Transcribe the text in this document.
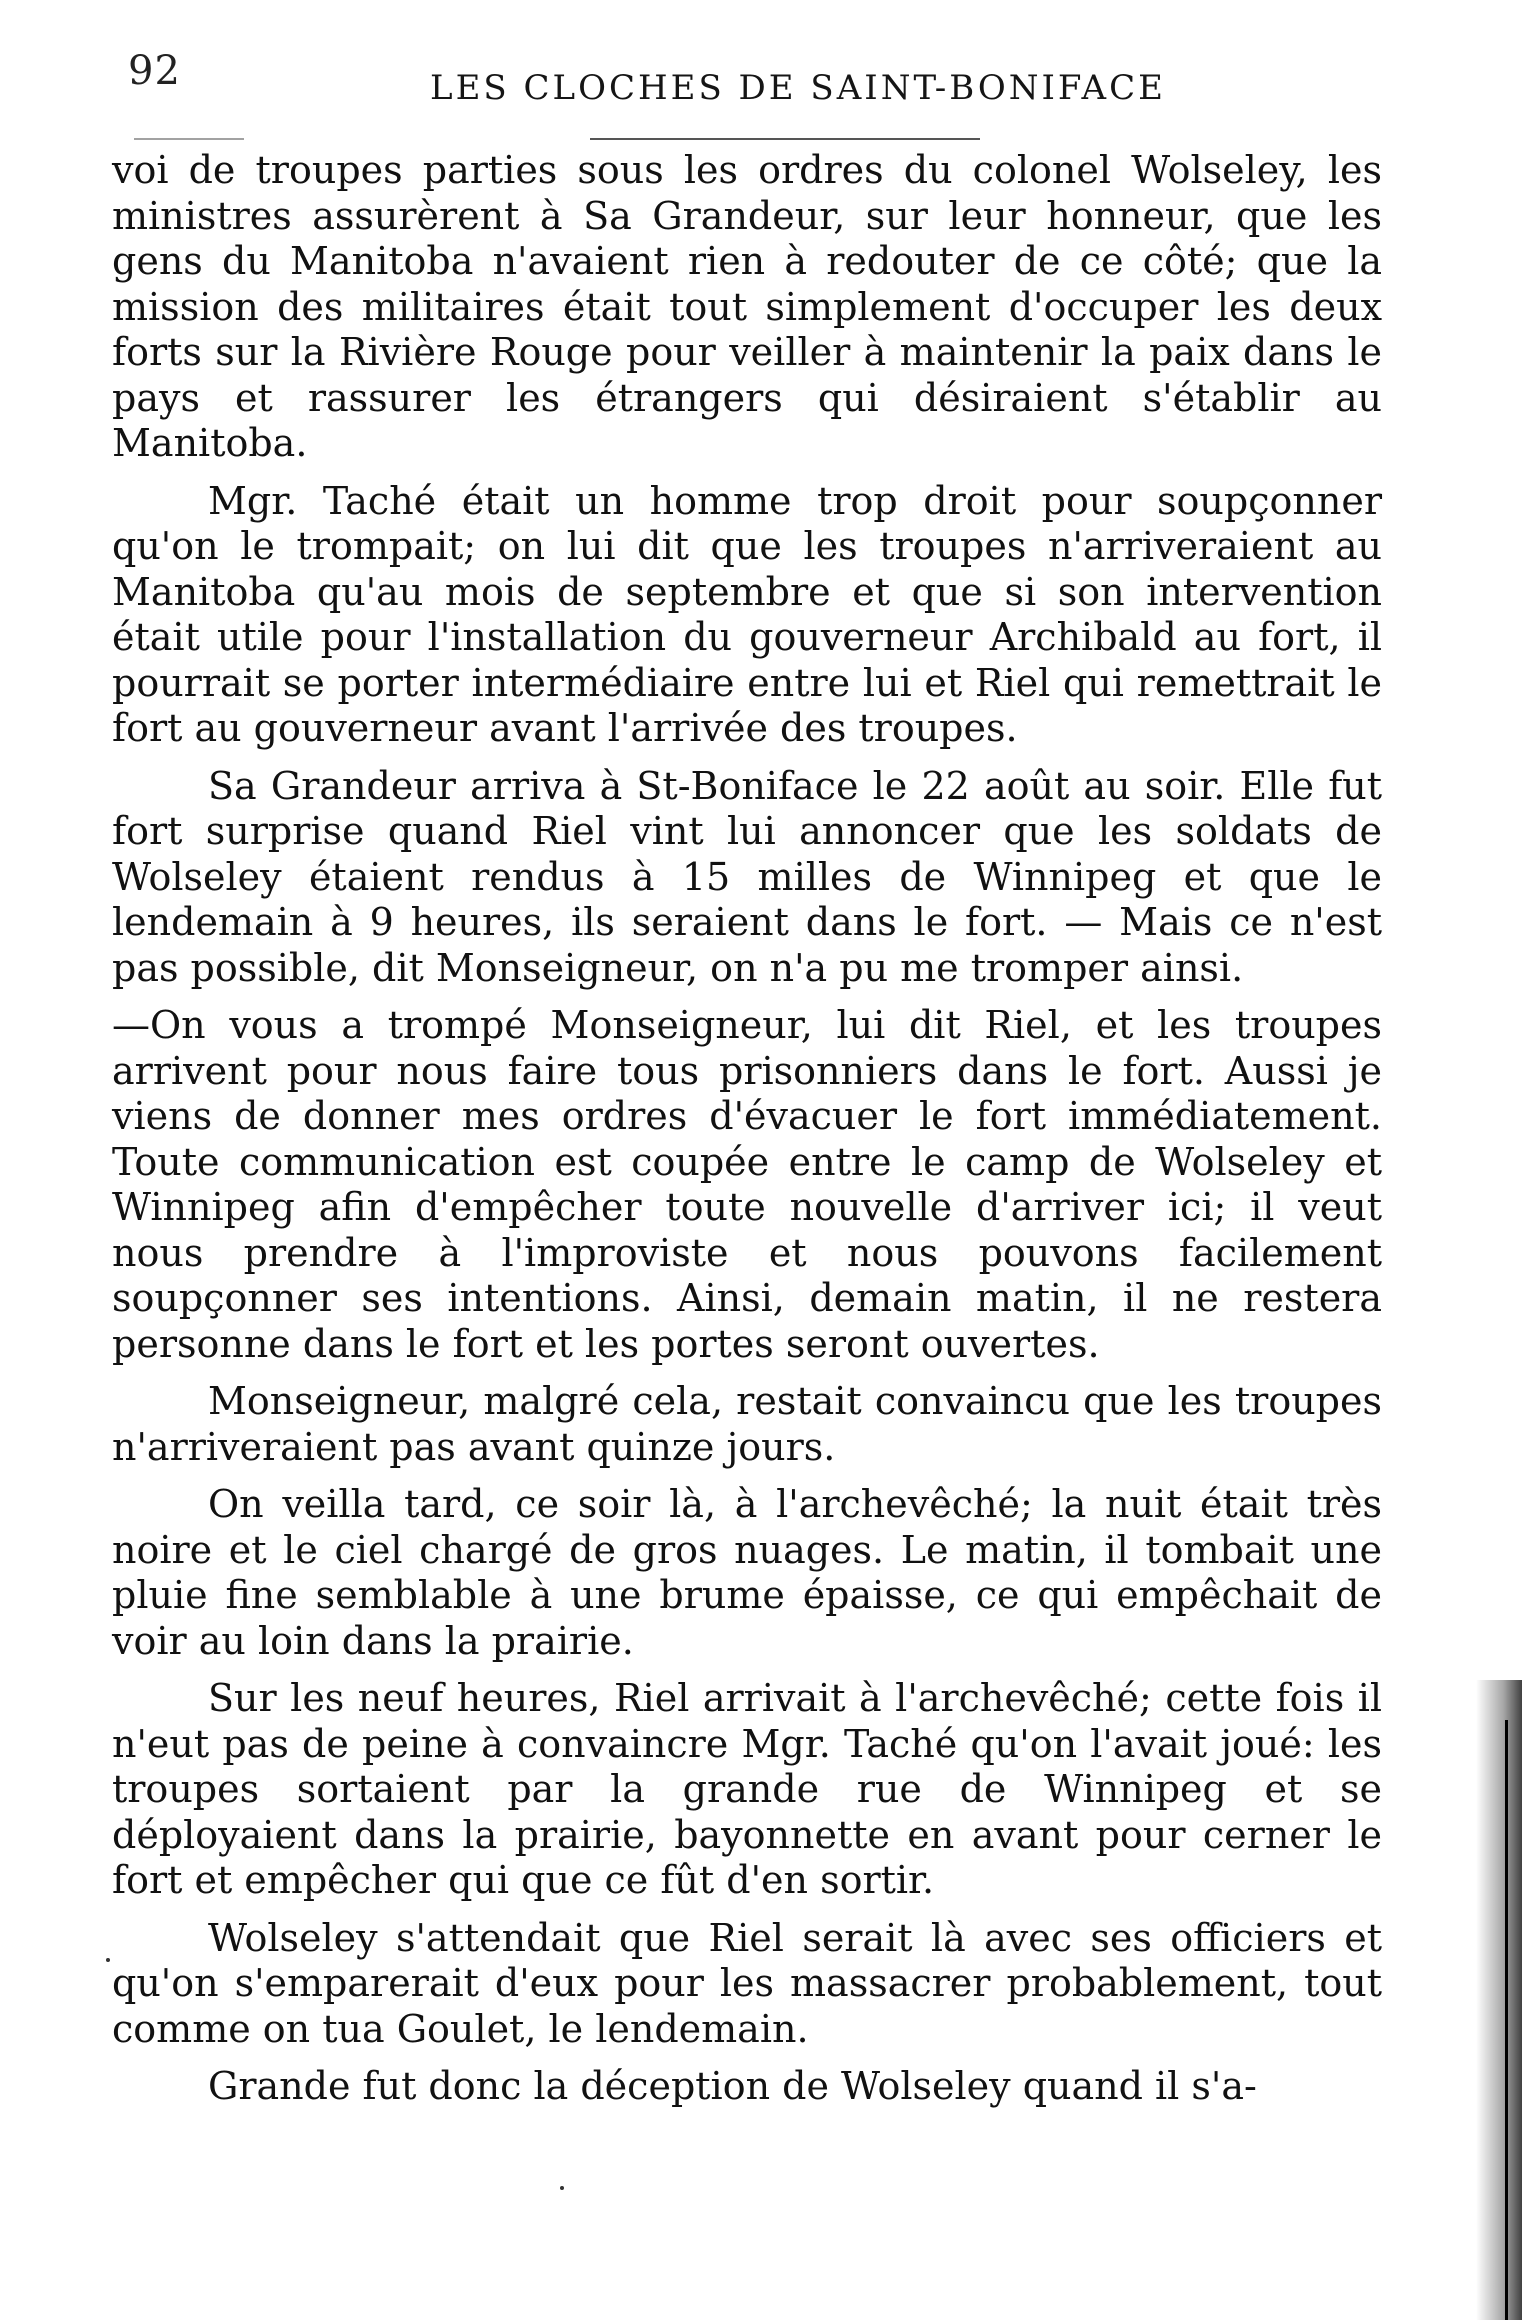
92	LES CLOCHES DE SAINT-BONIFACE

voi de troupes parties sous les ordres du colonel Wolseley, les ministres assurèrent à Sa Grandeur, sur leur honneur, que les gens du Manitoba n'avaient rien à redouter de ce côté; que la mission des militaires était tout simplement d'occuper les deux forts sur la Rivière Rouge pour veiller à maintenir la paix dans le pays et rassurer les étrangers qui désiraient s'établir au Manitoba.

Mgr. Taché était un homme trop droit pour soupçonner qu'on le trompait; on lui dit que les troupes n'arriveraient au Manitoba qu'au mois de septembre et que si son intervention était utile pour l'installation du gouverneur Archibald au fort, il pourrait se porter intermédiaire entre lui et Riel qui remettrait le fort au gouverneur avant l'arrivée des troupes.

Sa Grandeur arriva à St-Boniface le 22 août au soir. Elle fut fort surprise quand Riel vint lui annoncer que les soldats de Wolseley étaient rendus à 15 milles de Winnipeg et que le lendemain à 9 heures, ils seraient dans le fort. — Mais ce n'est pas possible, dit Monseigneur, on n'a pu me tromper ainsi.

—On vous a trompé Monseigneur, lui dit Riel, et les troupes arrivent pour nous faire tous prisonniers dans le fort. Aussi je viens de donner mes ordres d'évacuer le fort immédiatement. Toute communication est coupée entre le camp de Wolseley et Winnipeg afin d'empêcher toute nouvelle d'arriver ici; il veut nous prendre à l'improviste et nous pouvons facilement soupçonner ses intentions. Ainsi, demain matin, il ne restera personne dans le fort et les portes seront ouvertes.

Monseigneur, malgré cela, restait convaincu que les troupes n'arriveraient pas avant quinze jours.

On veilla tard, ce soir là, à l'archevêché; la nuit était très noire et le ciel chargé de gros nuages. Le matin, il tombait une pluie fine semblable à une brume épaisse, ce qui empêchait de voir au loin dans la prairie.

Sur les neuf heures, Riel arrivait à l'archevêché; cette fois il n'eut pas de peine à convaincre Mgr. Taché qu'on l'avait joué: les troupes sortaient par la grande rue de Winnipeg et se déployaient dans la prairie, bayonnette en avant pour cerner le fort et empêcher qui que ce fût d'en sortir.

Wolseley s'attendait que Riel serait là avec ses officiers et qu'on s'emparerait d'eux pour les massacrer probablement, tout comme on tua Goulet, le lendemain.

Grande fut donc la déception de Wolseley quand il s'a-
